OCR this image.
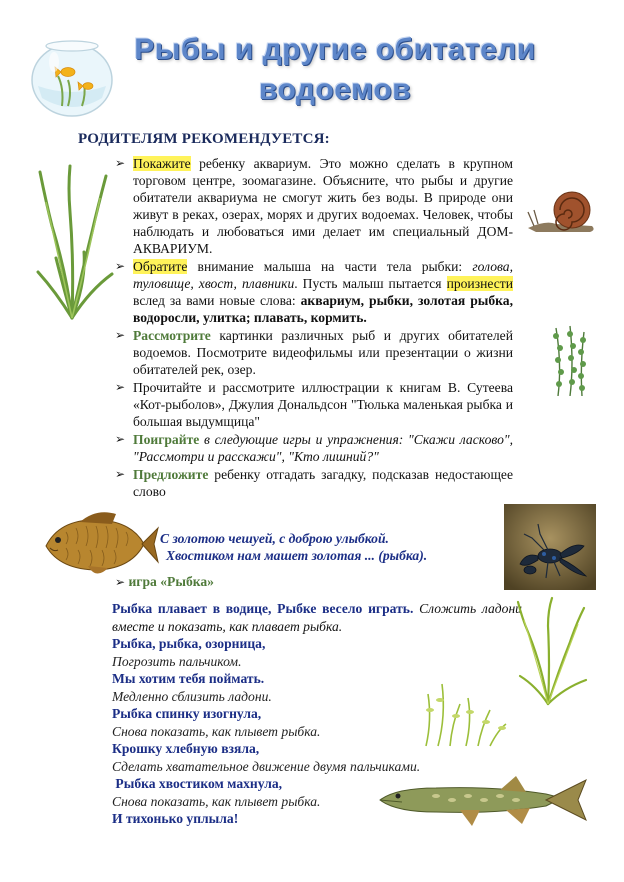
Рыбы и другие обитатели
водоемов
РОДИТЕЛЯМ РЕКОМЕНДУЕТСЯ:
➢ Покажите ребенку аквариум. Это можно сделать в крупном торговом центре, зоомагазине. Объясните, что рыбы и другие обитатели аквариума не смогут жить без воды. В природе они живут в реках, озерах, морях и других водоемах. Человек, чтобы наблюдать и любоваться ими делает им специальный ДОМ- АКВАРИУМ.
➢ Обратите внимание малыша на части тела рыбки: голова, туловище, хвост, плавники. Пусть малыш пытается произнести вслед за вами новые слова: аквариум, рыбки, золотая рыбка, водоросли, улитка; плавать, кормить.
➢ Рассмотрите картинки различных рыб и других обитателей водоемов. Посмотрите видеофильмы или презентации о жизни обитателей рек, озер.
➢ Прочитайте и рассмотрите иллюстрации к книгам В. Сутеева «Кот-рыболов», Джулия Дональдсон "Тюлька маленькая рыбка и большая выдумщица"
➢ Поиграйте в следующие игры и упражнения: "Скажи ласково", "Рассмотри и расскажи", "Кто лишний?"
➢ Предложите ребенку отгадать загадку, подсказав недостающее слово
С золотою чешуей, с доброю улыбкой.
Хвостиком нам машет золотая ... (рыбка).
➢ игра «Рыбка»
Рыбка плавает в водице, Рыбке весело играть. Сложить ладони вместе и показать, как плавает рыбка.
Рыбка, рыбка, озорница,
Погрозить пальчиком.
Мы хотим тебя поймать.
Медленно сблизить ладони.
Рыбка спинку изогнула,
Снова показать, как плывет рыбка.
Крошку хлебную взяла,
Сделать хватательное движение двумя пальчиками.
Рыбка хвостиком махнула,
Снова показать, как плывет рыбка.
И тихонько уплыла!
